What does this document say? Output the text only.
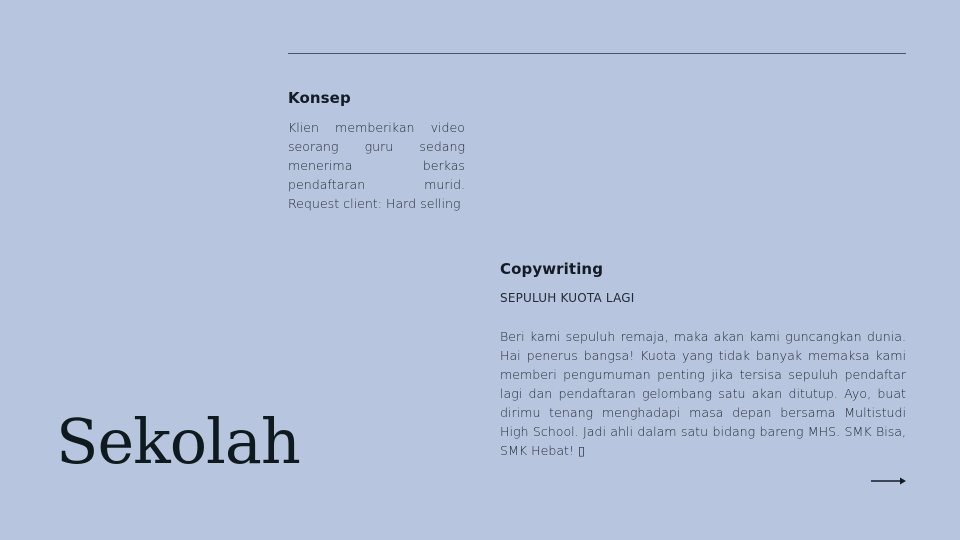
Konsep

Klien memberikan video seorang guru sedang menerima berkas pendaftaran murid. Request client: Hard selling

Copywriting

SEPULUH KUOTA LAGI

Beri kami sepuluh remaja, maka akan kami guncangkan dunia. Hai penerus bangsa! Kuota yang tidak banyak memaksa kami memberi pengumuman penting jika tersisa sepuluh pendaftar lagi dan pendaftaran gelombang satu akan ditutup. Ayo, buat dirimu tenang menghadapi masa depan bersama Multistudi High School. Jadi ahli dalam satu bidang bareng MHS. SMK Bisa, SMK Hebat! ▯

Sekolah
